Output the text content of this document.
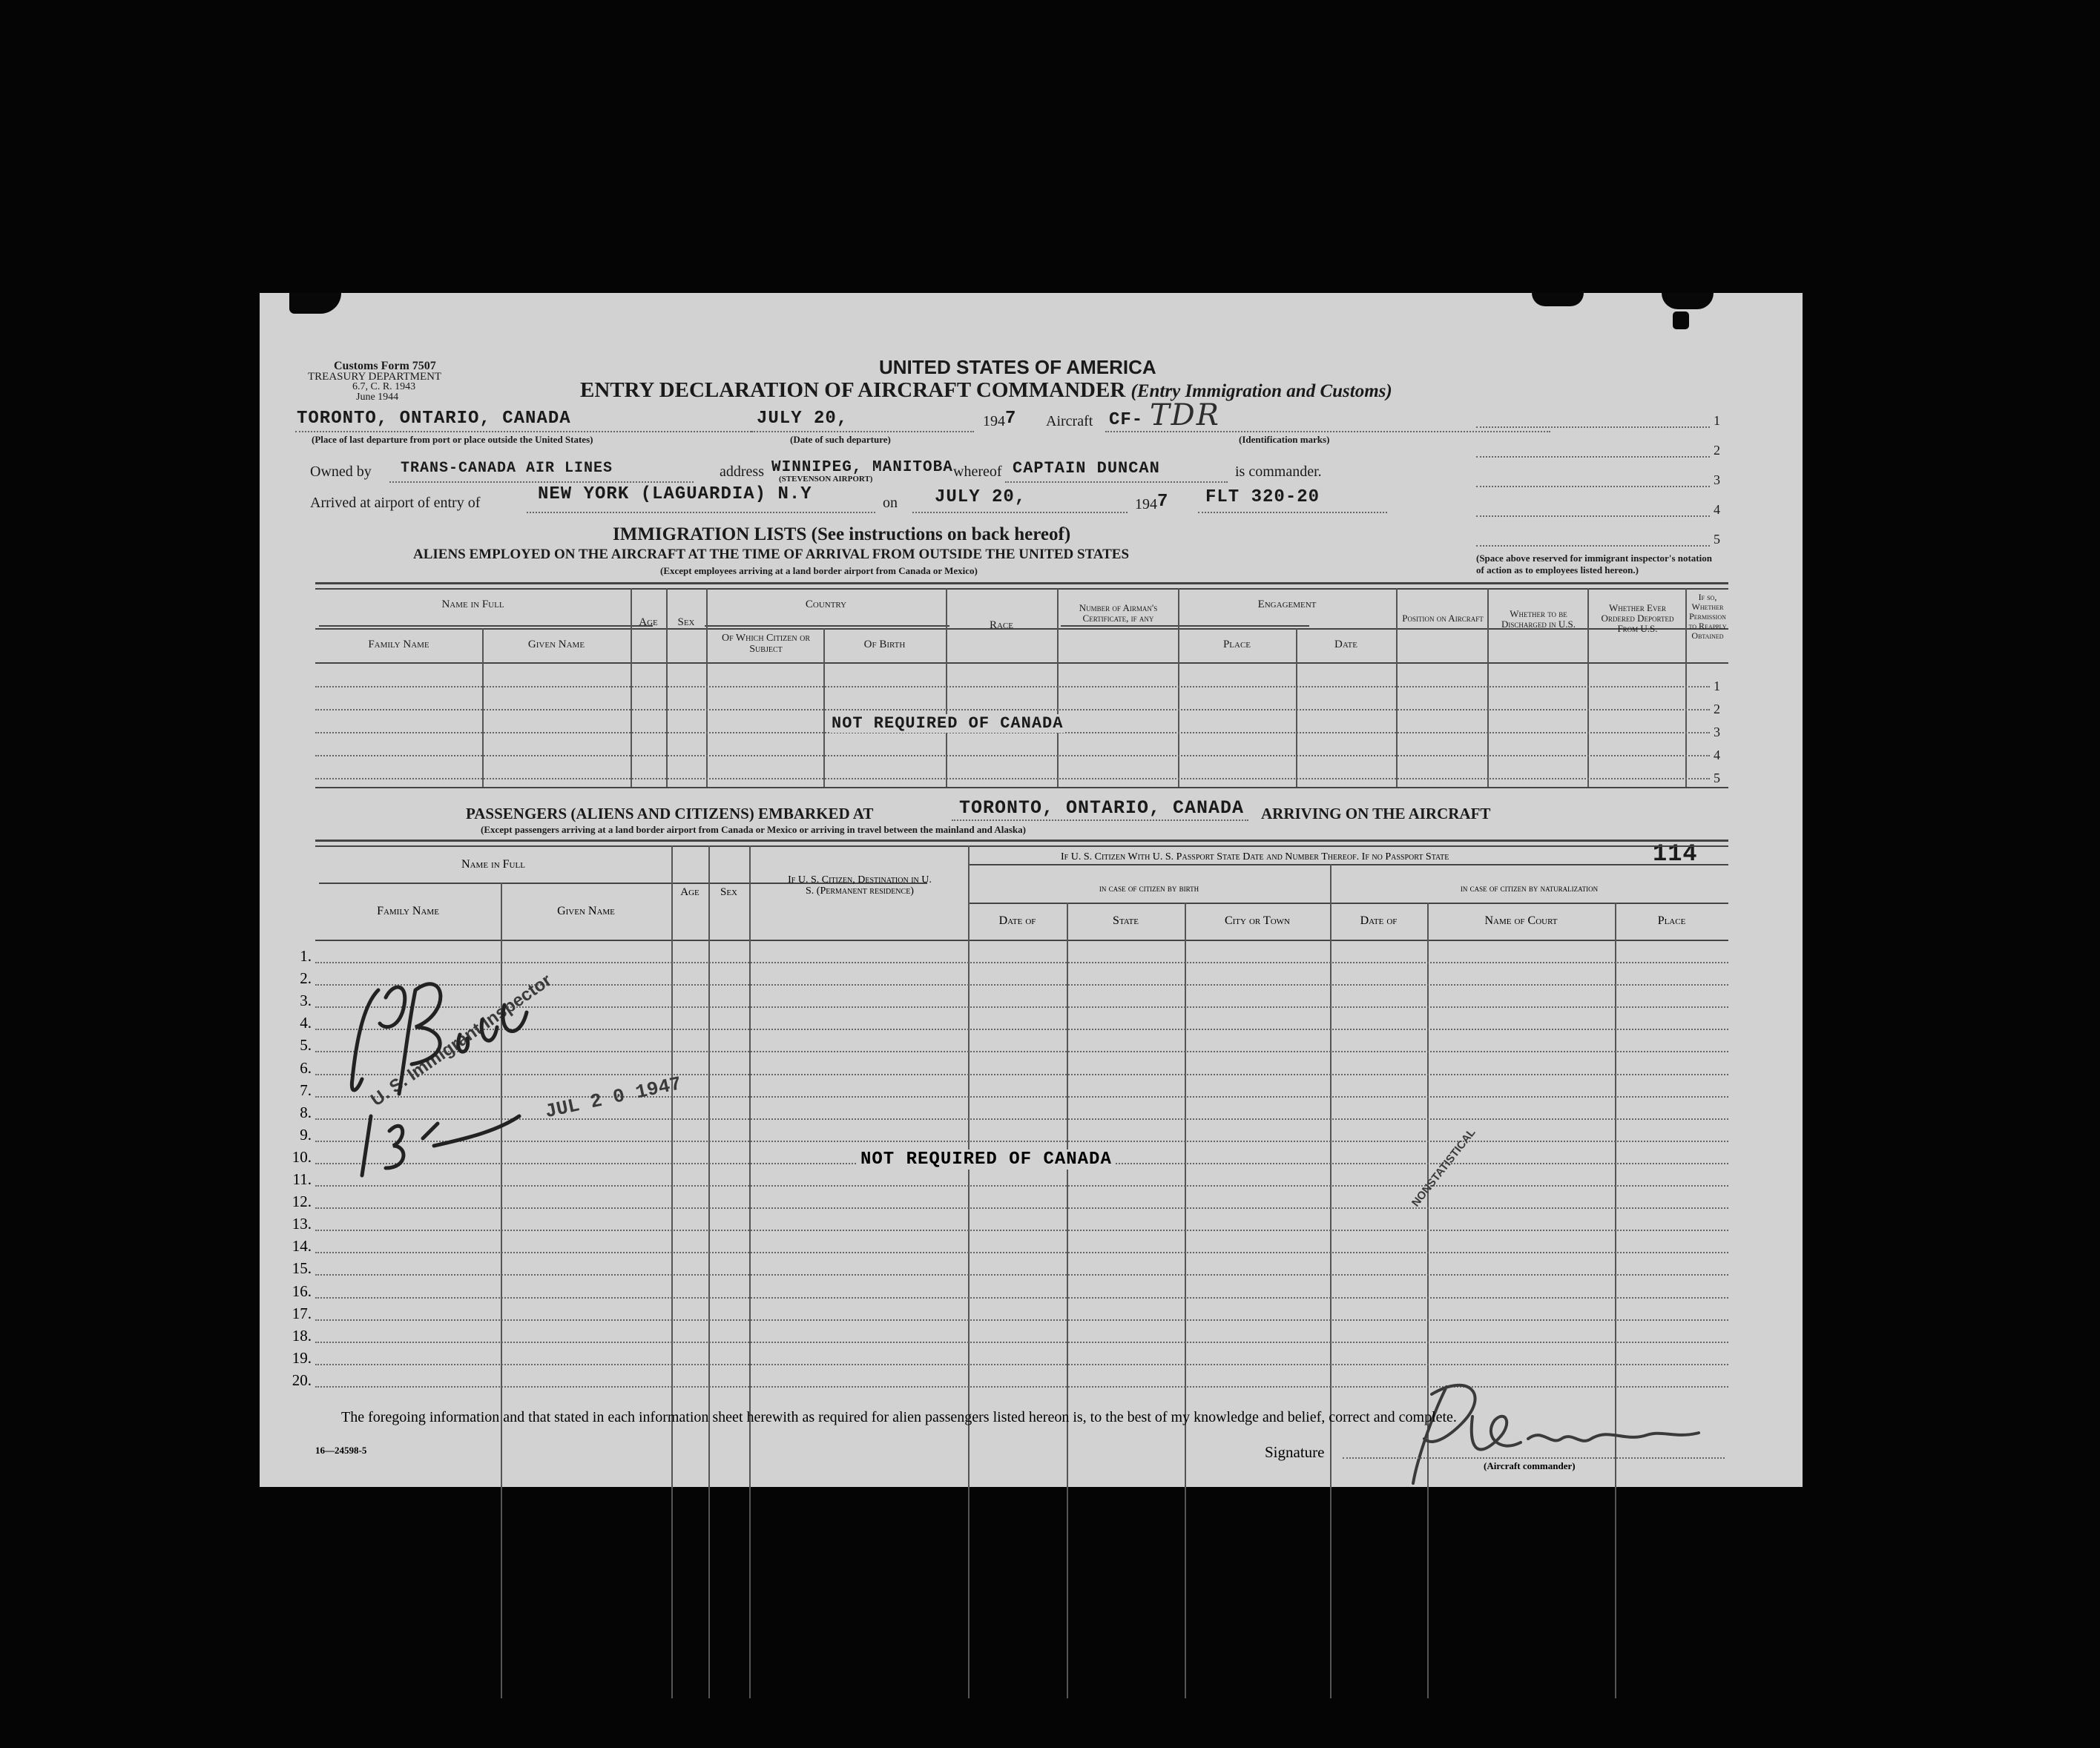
Customs Form 7507
TREASURY DEPARTMENT
6.7, C. R. 1943
June 1944
UNITED STATES OF AMERICA
ENTRY DECLARATION OF AIRCRAFT COMMANDER (Entry Immigration and Customs)
TORONTO, ONTARIO, CANADA
(Place of last departure from port or place outside the United States)
JULY 20,
(Date of such departure)
1947 Aircraft CF- TDR
(Identification marks)
Owned by TRANS-CANADA AIR LINES	address WINNIPEG, MANITOBA
(STEVENSON AIRPORT)	whereof CAPTAIN DUNCAN	is commander.
Arrived at airport of entry of	NEW YORK (LAGUARDIA) N.Y	on JULY 20,	1947 FLT 320-20
1
2
3
4
5
(Space above reserved for immigrant inspector's notation of action as to employees listed hereon.)
IMMIGRATION LISTS (See instructions on back hereof)
ALIENS EMPLOYED ON THE AIRCRAFT AT THE TIME OF ARRIVAL FROM OUTSIDE THE UNITED STATES
(Except employees arriving at a land border airport from Canada or Mexico)
Name in Full
Family Name	Given Name
Age	Sex
Country
Of Which Citizen or Subject	Of Birth
Race
Number of Airman's Certificate, if any
Engagement
Place	Date
Position on Aircraft	Whether to be Discharged in U.S.
Whether Ever Ordered Deported From U.S.
If so, Whether Permission to Reapply Obtained
1
2
3
4
5
NOT REQUIRED OF CANADA
PASSENGERS (ALIENS AND CITIZENS) EMBARKED AT	TORONTO, ONTARIO, CANADA ARRIVING ON THE AIRCRAFT
(Except passengers arriving at a land border airport from Canada or Mexico or arriving in travel between the mainland and Alaska)
114
Name in Full
Family Name	Given Name
Age	Sex
If U. S. Citizen, Destination in U. S. (Permanent residence)
If U. S. Citizen With U. S. Passport State Date and Number Thereof. If no Passport State
in case of citizen by birth	in case of citizen by naturalization
Date of	State	City or Town	Date of	Name of Court	Place
1.
2.
3.
4.
5.
6.
7.
8.
9.
10.
11.
12.
13.
14.
15.
16.
17.
18.
19.
20.
NOT REQUIRED OF CANADA
U. S. Immigrant Inspector
JUL 2 0 1947
NONSTATISTICAL
The foregoing information and that stated in each information sheet herewith as required for alien passengers listed hereon is, to the best of my knowledge and belief, correct and complete.
16—24598-5	Signature
(Aircraft commander)
